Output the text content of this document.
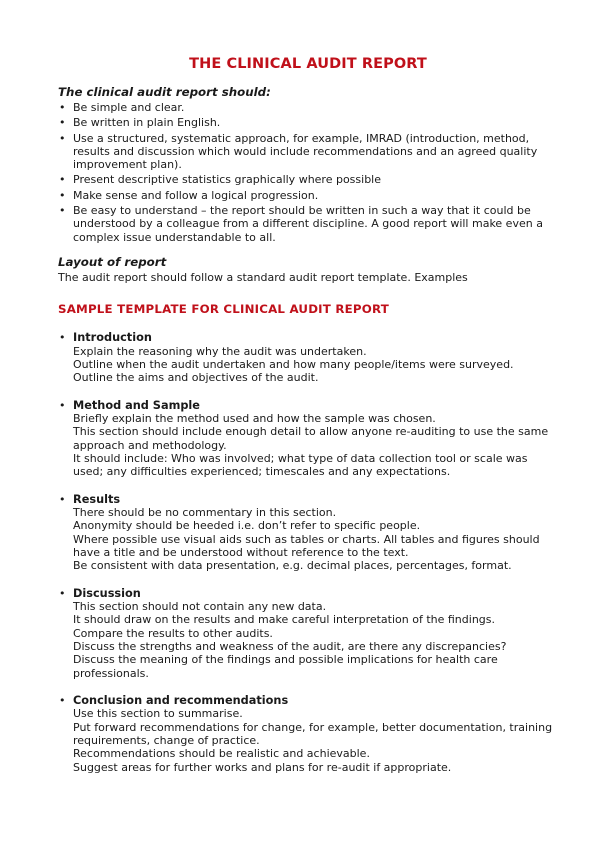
THE CLINICAL AUDIT REPORT
The clinical audit report should:
• Be simple and clear.
• Be written in plain English.
• Use a structured, systematic approach, for example, IMRAD (introduction, method, results and discussion which would include recommendations and an agreed quality improvement plan).
• Present descriptive statistics graphically where possible
• Make sense and follow a logical progression.
• Be easy to understand – the report should be written in such a way that it could be understood by a colleague from a different discipline. A good report will make even a complex issue understandable to all.
Layout of report

The audit report should follow a standard audit report template. Examples

SAMPLE TEMPLATE FOR CLINICAL AUDIT REPORT
• Introduction
Explain the reasoning why the audit was undertaken.
Outline when the audit undertaken and how many people/items were surveyed.
Outline the aims and objectives of the audit.
• Method and Sample
Briefly explain the method used and how the sample was chosen.
This section should include enough detail to allow anyone re-auditing to use the same approach and methodology.
It should include: Who was involved; what type of data collection tool or scale was used; any difficulties experienced; timescales and any expectations.
• Results
There should be no commentary in this section.
Anonymity should be heeded i.e. don’t refer to specific people.
Where possible use visual aids such as tables or charts. All tables and figures should have a title and be understood without reference to the text.
Be consistent with data presentation, e.g. decimal places, percentages, format.
• Discussion
This section should not contain any new data.
It should draw on the results and make careful interpretation of the findings.
Compare the results to other audits.
Discuss the strengths and weakness of the audit, are there any discrepancies?
Discuss the meaning of the findings and possible implications for health care professionals.
• Conclusion and recommendations
Use this section to summarise.
Put forward recommendations for change, for example, better documentation, training requirements, change of practice.
Recommendations should be realistic and achievable.
Suggest areas for further works and plans for re-audit if appropriate.
